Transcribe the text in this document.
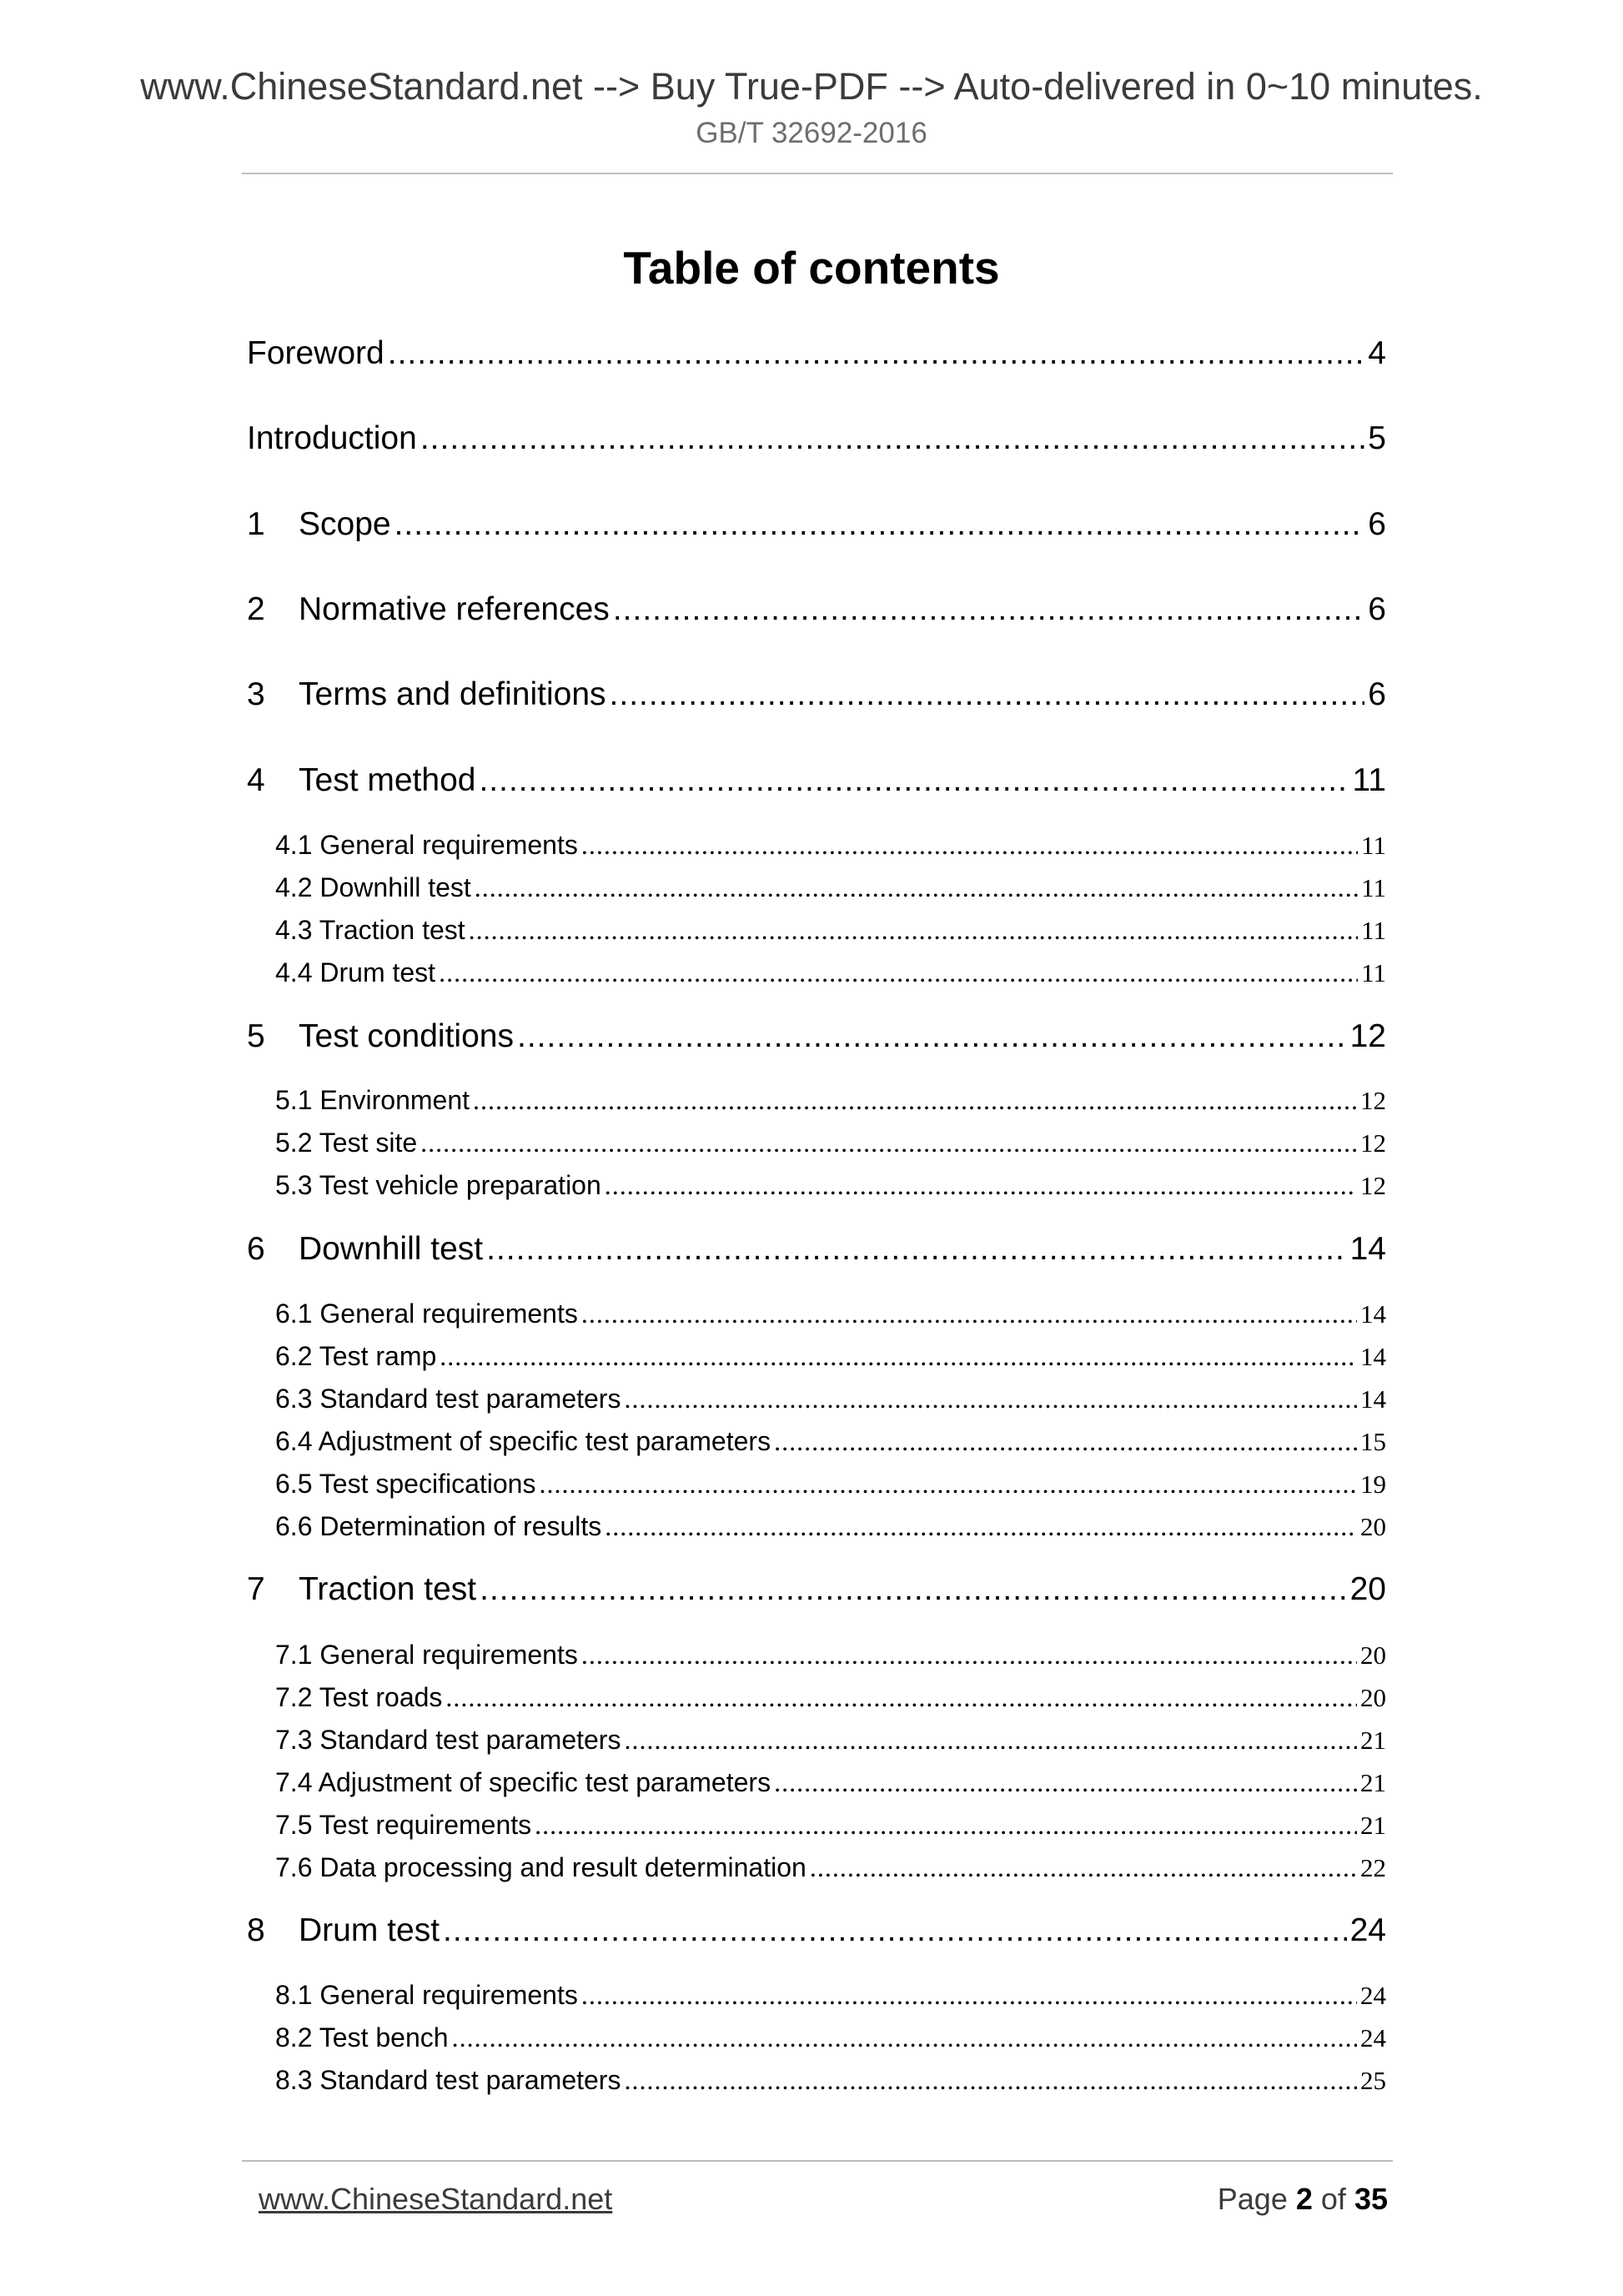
www.ChineseStandard.net --> Buy True-PDF --> Auto-delivered in 0~10 minutes.
GB/T 32692-2016
Table of contents
Foreword .....	4
Introduction .....	5
1	Scope .....	6
2	Normative references .....	6
3	Terms and definitions .....	6
4	Test method .....	11
4.1 General requirements .....	11
4.2 Downhill test .....	11
4.3 Traction test .....	11
4.4 Drum test .....	11
5	Test conditions .....	12
5.1 Environment .....	12
5.2 Test site .....	12
5.3 Test vehicle preparation .....	12
6	Downhill test .....	14
6.1 General requirements .....	14
6.2 Test ramp .....	14
6.3 Standard test parameters .....	14
6.4 Adjustment of specific test parameters .....	15
6.5 Test specifications .....	19
6.6 Determination of results .....	20
7	Traction test .....	20
7.1 General requirements .....	20
7.2 Test roads .....	20
7.3 Standard test parameters .....	21
7.4 Adjustment of specific test parameters .....	21
7.5 Test requirements .....	21
7.6 Data processing and result determination .....	22
8	Drum test .....	24
8.1 General requirements .....	24
8.2 Test bench .....	24
8.3 Standard test parameters .....	25
www.ChineseStandard.net	Page 2 of 35
